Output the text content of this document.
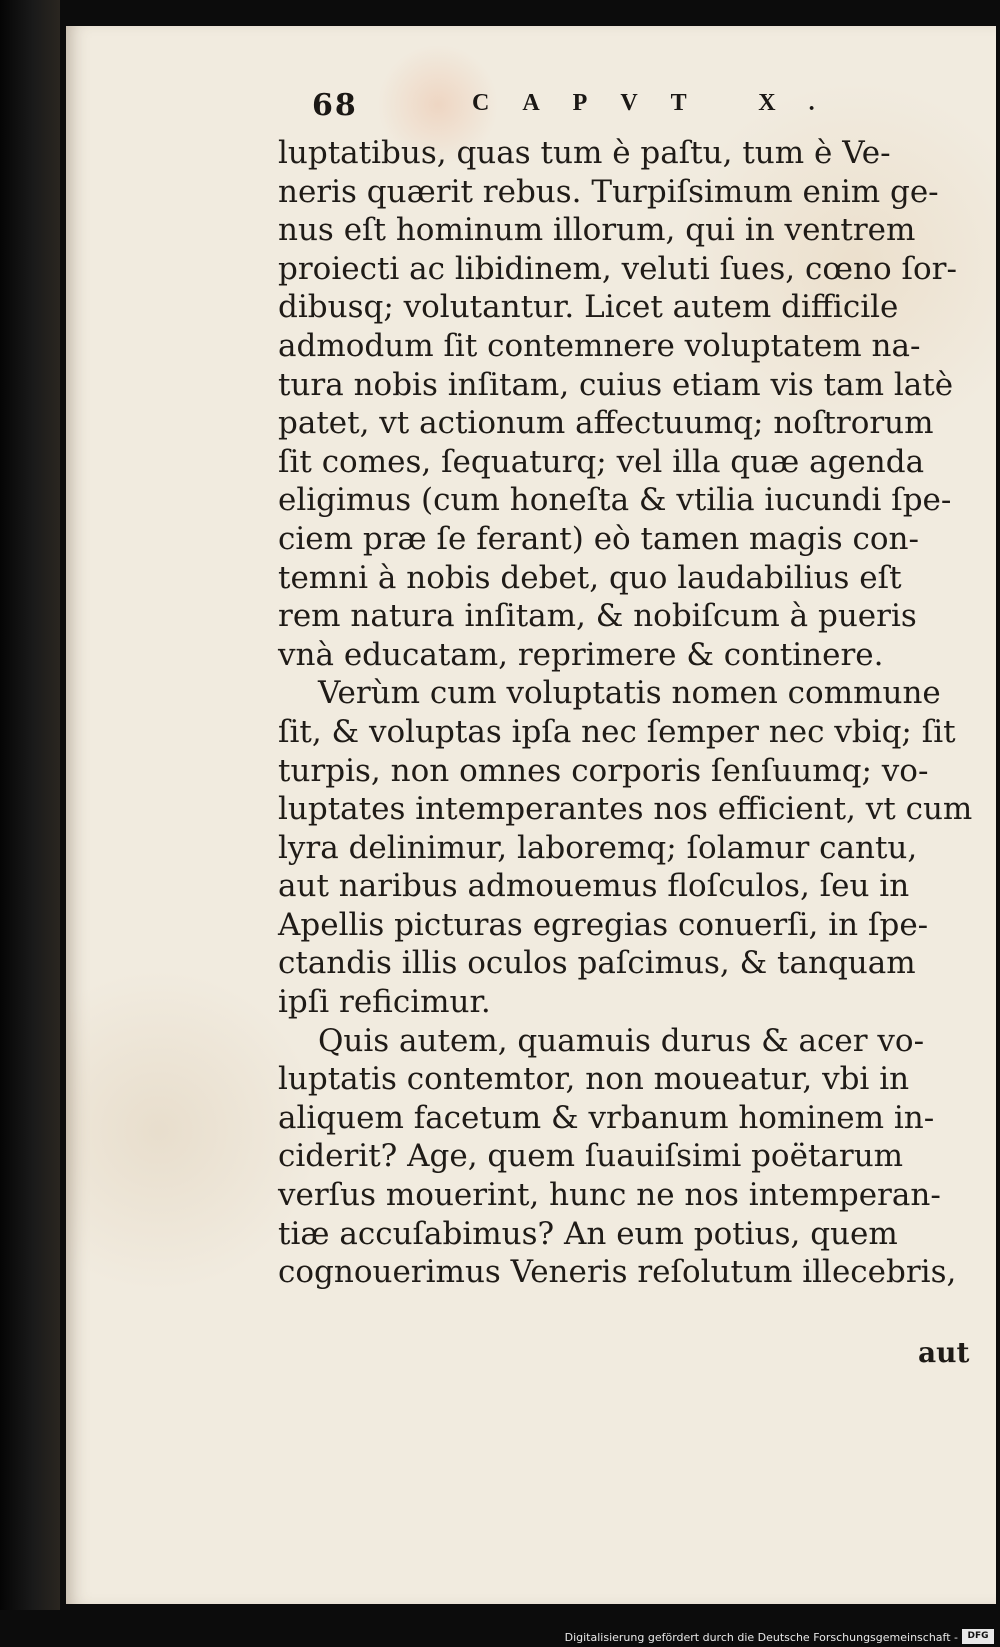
68	CAPVT X.
luptatibus, quas tum è paſtu, tum è Ve-
neris quærit rebus. Turpiſsimum enim ge-
nus eſt hominum illorum, qui in ventrem
proiecti ac libidinem, veluti ſues, cœno ſor-
dibusq; volutantur. Licet autem difficile
admodum ſit contemnere voluptatem na-
tura nobis inſitam, cuius etiam vis tam latè
patet, vt actionum affectuumq; noſtrorum
ſit comes, ſequaturq; vel illa quæ agenda
eligimus (cum honeſta & vtilia iucundi ſpe-
ciem præ ſe ferant) eò tamen magis con-
temni à nobis debet, quo laudabilius eſt
rem natura inſitam, & nobiſcum à pueris
vnà educatam, reprimere & continere.
Verùm cum voluptatis nomen commune
ſit, & voluptas ipſa nec ſemper nec vbiq; ſit
turpis, non omnes corporis ſenſuumq; vo-
luptates intemperantes nos efficient, vt cum
lyra delinimur, laboremq; ſolamur cantu,
aut naribus admouemus floſculos, ſeu in
Apellis picturas egregias conuerſi, in ſpe-
ctandis illis oculos paſcimus, & tanquam
ipſi reficimur.
Quis autem, quamuis durus & acer vo-
luptatis contemtor, non moueatur, vbi in
aliquem facetum & vrbanum hominem in-
ciderit? Age, quem ſuauiſsimi poëtarum
verſus mouerint, hunc ne nos intemperan-
tiæ accuſabimus? An eum potius, quem
cognouerimus Veneris reſolutum illecebris,
aut
Digitalisierung gefördert durch die Deutsche Forschungsgemeinschaft -	DFG
